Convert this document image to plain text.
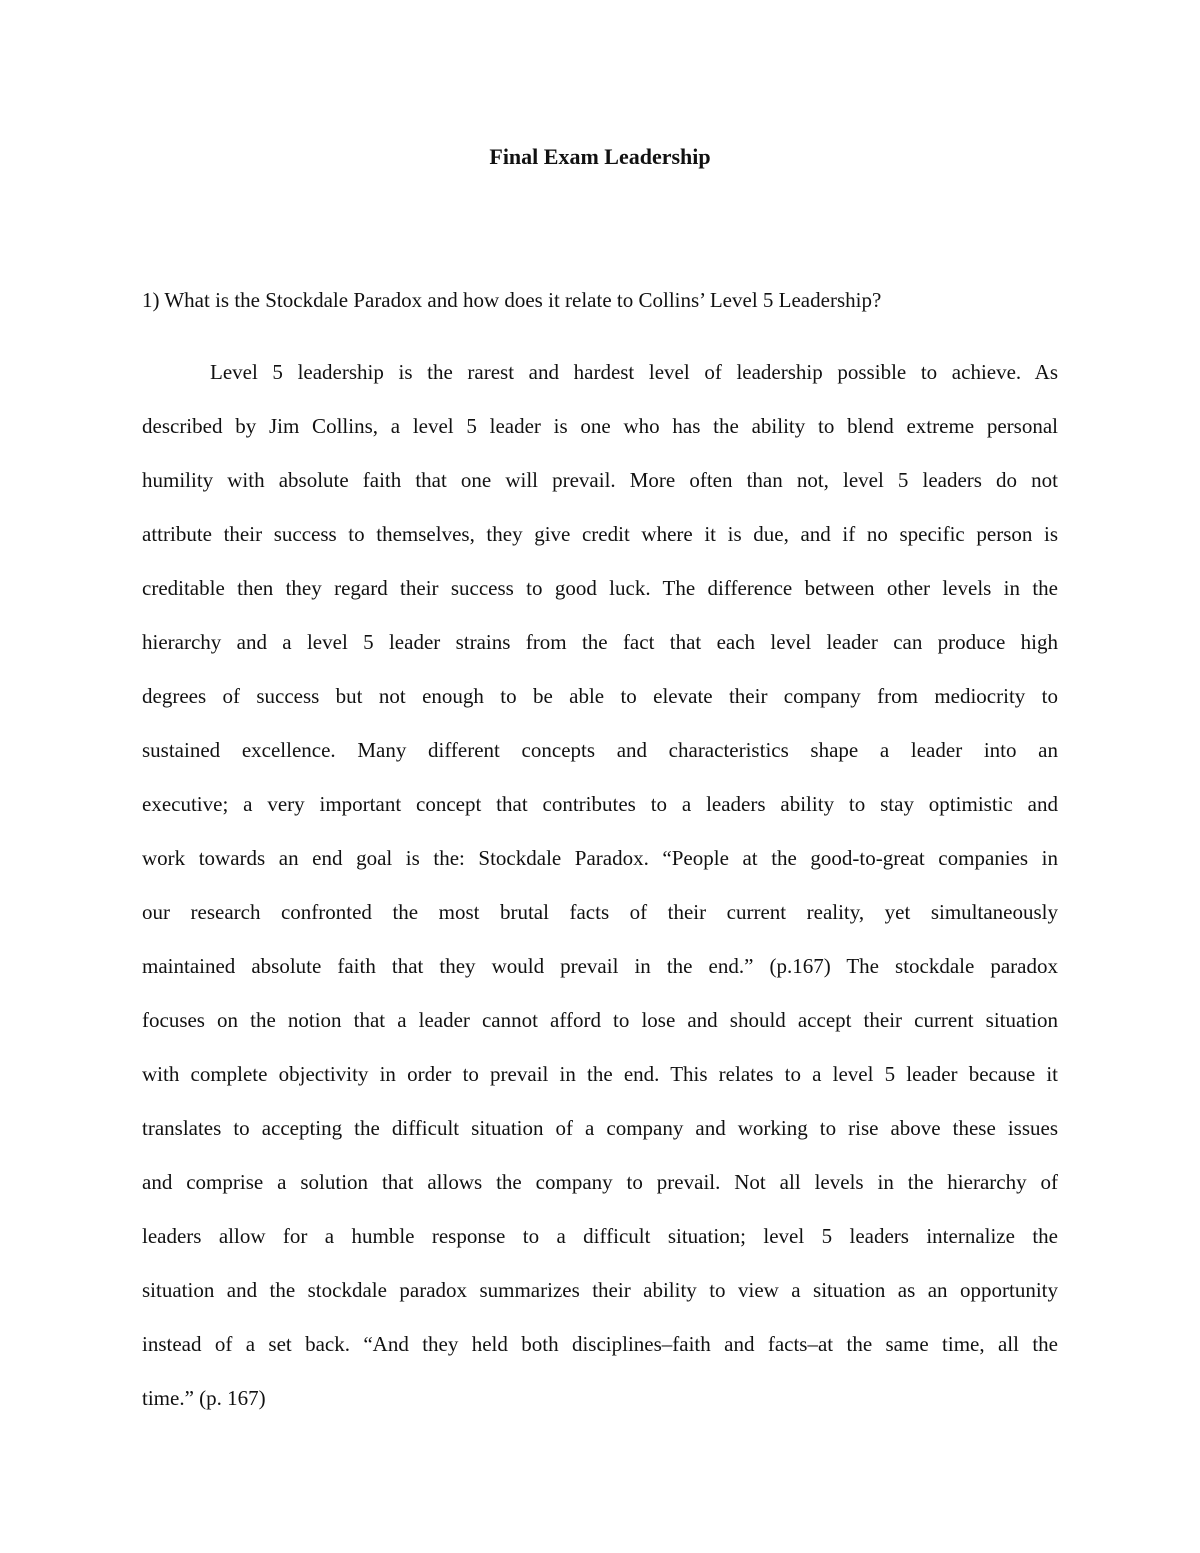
Final Exam Leadership

1) What is the Stockdale Paradox and how does it relate to Collins’ Level 5 Leadership?

Level 5 leadership is the rarest and hardest level of leadership possible to achieve. As
described by Jim Collins, a level 5 leader is one who has the ability to blend extreme personal
humility with absolute faith that one will prevail. More often than not, level 5 leaders do not
attribute their success to themselves, they give credit where it is due, and if no specific person is
creditable then they regard their success to good luck. The difference between other levels in the
hierarchy and a level 5 leader strains from the fact that each level leader can produce high
degrees of success but not enough to be able to elevate their company from mediocrity to
sustained excellence. Many different concepts and characteristics shape a leader into an
executive; a very important concept that contributes to a leaders ability to stay optimistic and
work towards an end goal is the: Stockdale Paradox. “People at the good-to-great companies in
our research confronted the most brutal facts of their current reality, yet simultaneously
maintained absolute faith that they would prevail in the end.” (p.167) The stockdale paradox
focuses on the notion that a leader cannot afford to lose and should accept their current situation
with complete objectivity in order to prevail in the end. This relates to a level 5 leader because it
translates to accepting the difficult situation of a company and working to rise above these issues
and comprise a solution that allows the company to prevail. Not all levels in the hierarchy of
leaders allow for a humble response to a difficult situation; level 5 leaders internalize the
situation and the stockdale paradox summarizes their ability to view a situation as an opportunity
instead of a set back. “And they held both disciplines–faith and facts–at the same time, all the
time.” (p. 167)
